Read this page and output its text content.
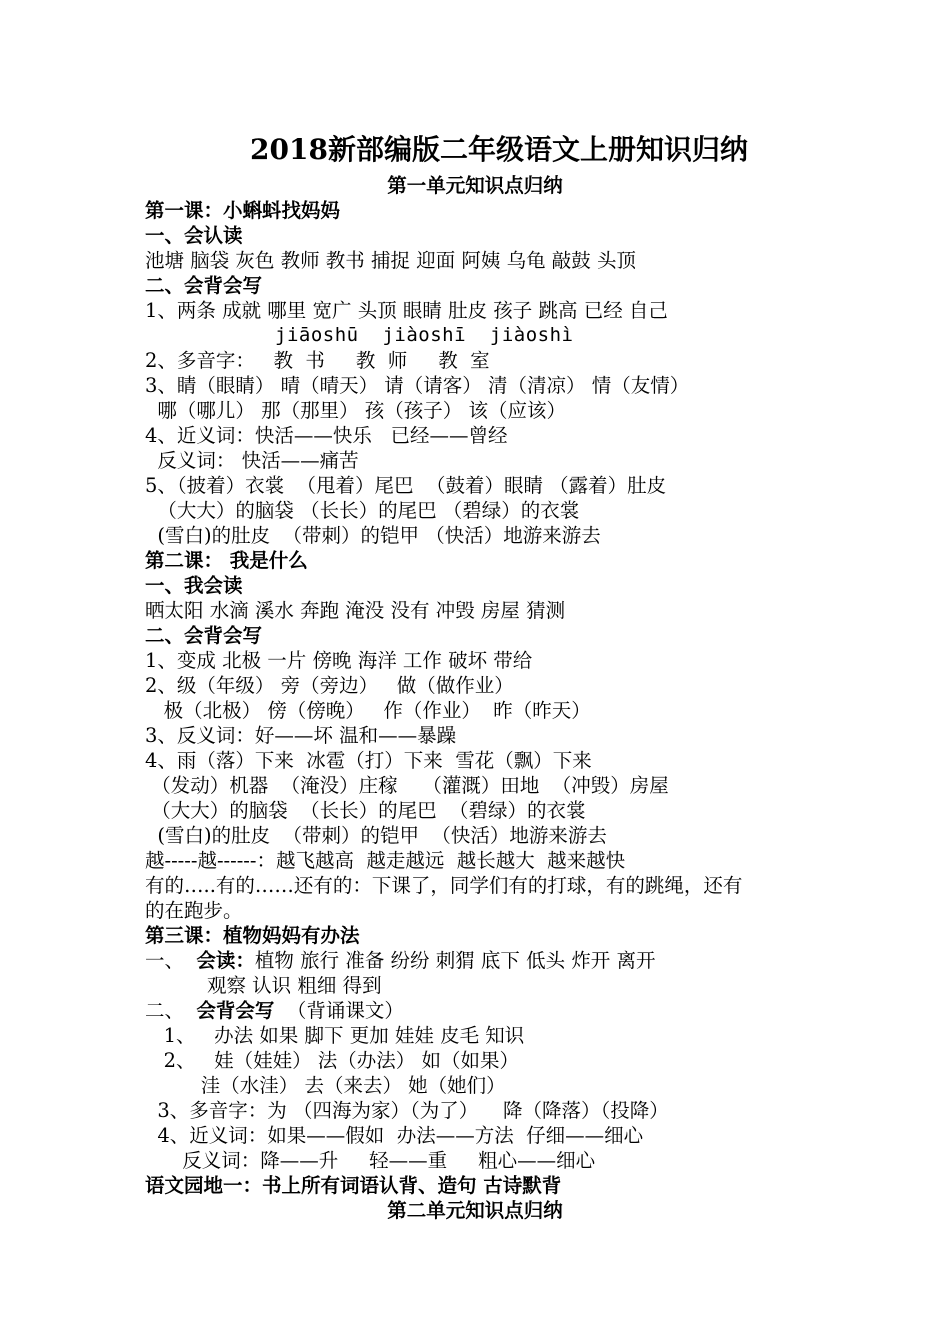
2018新部编版二年级语文上册知识归纳
第一单元知识点归纳
第一课：小蝌蚪找妈妈
一、会认读
池塘 脑袋 灰色 教师 教书 捕捉 迎面 阿姨 乌龟 敲鼓 头顶
二、会背会写
1、两条 成就 哪里 宽广 头顶 眼睛 肚皮 孩子 跳高 已经 自己
jiāoshū  jiàoshī  jiàoshì
2、多音字：   教  书     教  师     教  室
3、睛（眼睛） 晴（晴天） 请（请客） 清（清凉） 情（友情）
哪（哪儿） 那（那里） 孩（孩子） 该（应该）
4、近义词：快活——快乐   已经——曾经
反义词： 快活——痛苦
5、（披着）衣裳  （甩着）尾巴  （鼓着）眼睛 （露着）肚皮
（大大）的脑袋 （长长）的尾巴 （碧绿）的衣裳
(雪白)的肚皮  （带刺）的铠甲 （快活）地游来游去
第二课： 我是什么
一、我会读
晒太阳 水滴 溪水 奔跑 淹没 没有 冲毁 房屋 猜测
二、会背会写
1、变成 北极 一片 傍晚 海洋 工作 破坏 带给
2、级（年级） 旁（旁边）   做（做作业）
极（北极） 傍（傍晚）   作（作业）  昨（昨天）
3、反义词：好——坏 温和——暴躁
4、雨（落）下来  冰雹（打）下来  雪花（飘）下来
（发动）机器  （淹没）庄稼    （灌溉）田地  （冲毁）房屋
（大大）的脑袋  （长长）的尾巴  （碧绿）的衣裳
(雪白)的肚皮  （带刺）的铠甲  （快活）地游来游去
越-----越------：越飞越高  越走越远  越长越大  越来越快
有的…..有的……还有的：下课了，同学们有的打球，有的跳绳，还有
的在跑步。
第三课：植物妈妈有办法
一、  会读：植物 旅行 准备 纷纷 刺猬 底下 低头 炸开 离开
观察 认识 粗细 得到
二、  会背会写  （背诵课文）
1、   办法 如果 脚下 更加 娃娃 皮毛 知识
2、   娃（娃娃） 法（办法） 如（如果）
洼（水洼） 去（来去） 她（她们）
3、多音字：为 （四海为家）（为了）    降（降落）（投降）
4、近义词：如果——假如  办法——方法  仔细——细心
反义词：降——升     轻——重     粗心——细心
语文园地一：书上所有词语认背、造句 古诗默背
第二单元知识点归纳
